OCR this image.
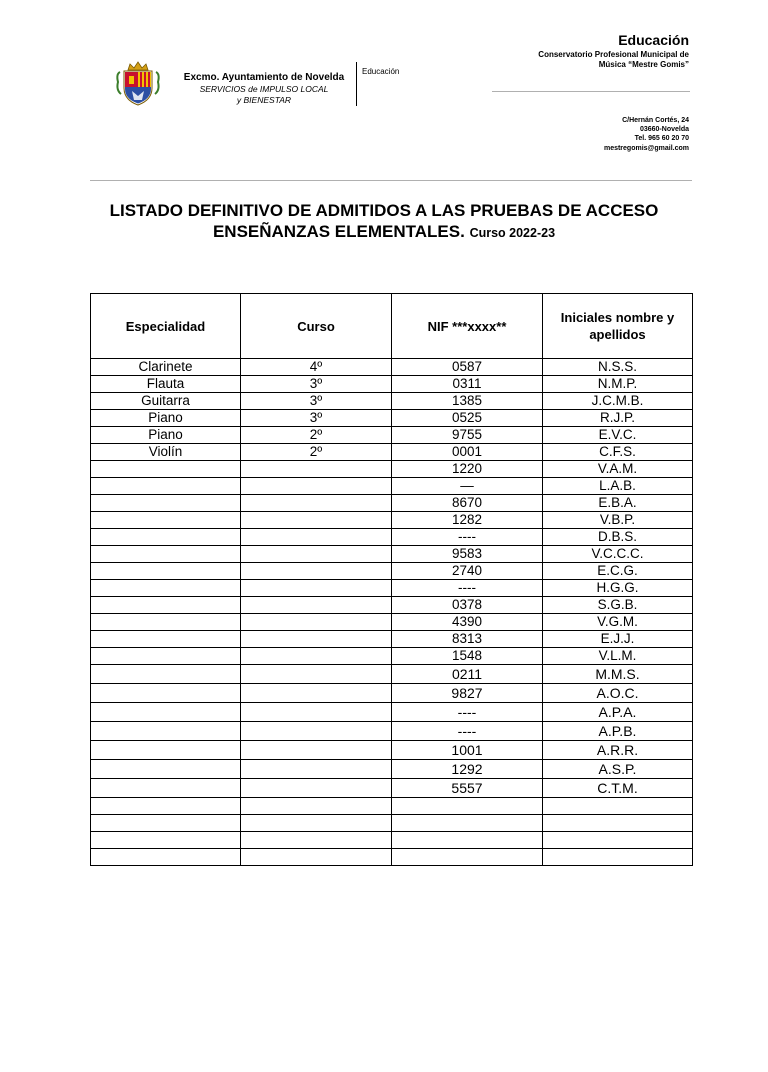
Excmo. Ayuntamiento de Novelda
SERVICIOS de IMPULSO LOCAL
y BIENESTAR
Educación
Educación
Conservatorio Profesional Municipal de
Música “Mestre Gomis”
C/Hernán Cortés, 24
03660-Novelda
Tel. 965 60 20 70
mestregomis@gmail.com
LISTADO DEFINITIVO DE ADMITIDOS A LAS PRUEBAS DE ACCESO
ENSEÑANZAS ELEMENTALES. Curso 2022-23
Especialidad	Curso	NIF ***xxxx**	Iniciales nombre y apellidos
Clarinete	4º	0587	N.S.S.
Flauta	3º	0311	N.M.P.
Guitarra	3º	1385	J.C.M.B.
Piano	3º	0525	R.J.P.
Piano	2º	9755	E.V.C.
Violín	2º	0001	C.F.S.
		1220	V.A.M.
		—	L.A.B.
		8670	E.B.A.
		1282	V.B.P.
		----	D.B.S.
		9583	V.C.C.C.
		2740	E.C.G.
		----	H.G.G.
		0378	S.G.B.
		4390	V.G.M.
		8313	E.J.J.
		1548	V.L.M.
		0211	M.M.S.
		9827	A.O.C.
		----	A.P.A.
		----	A.P.B.
		1001	A.R.R.
		1292	A.S.P.
		5557	C.T.M.
